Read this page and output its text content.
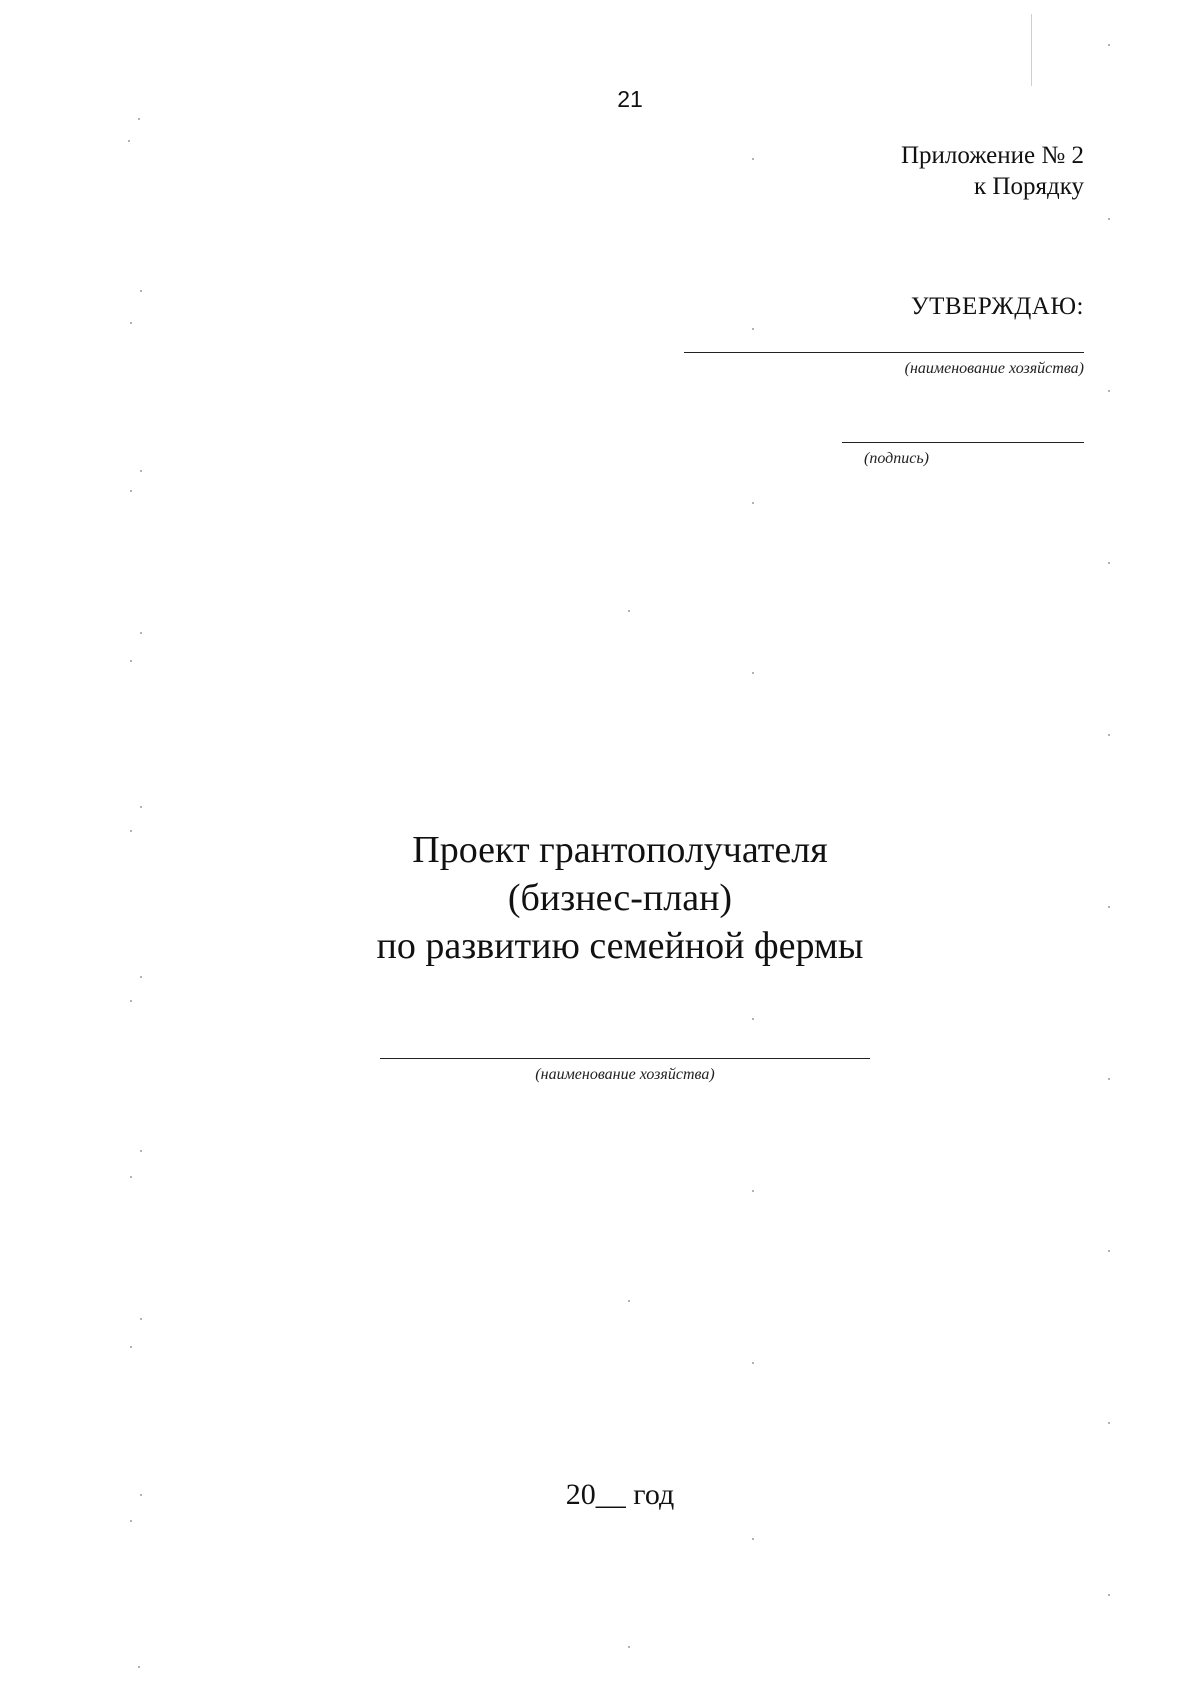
21
Приложение № 2
к Порядку
УТВЕРЖДАЮ:
(наименование хозяйства)
(подпись)
Проект грантополучателя
(бизнес-план)
по развитию семейной фермы
(наименование хозяйства)
20__ год
